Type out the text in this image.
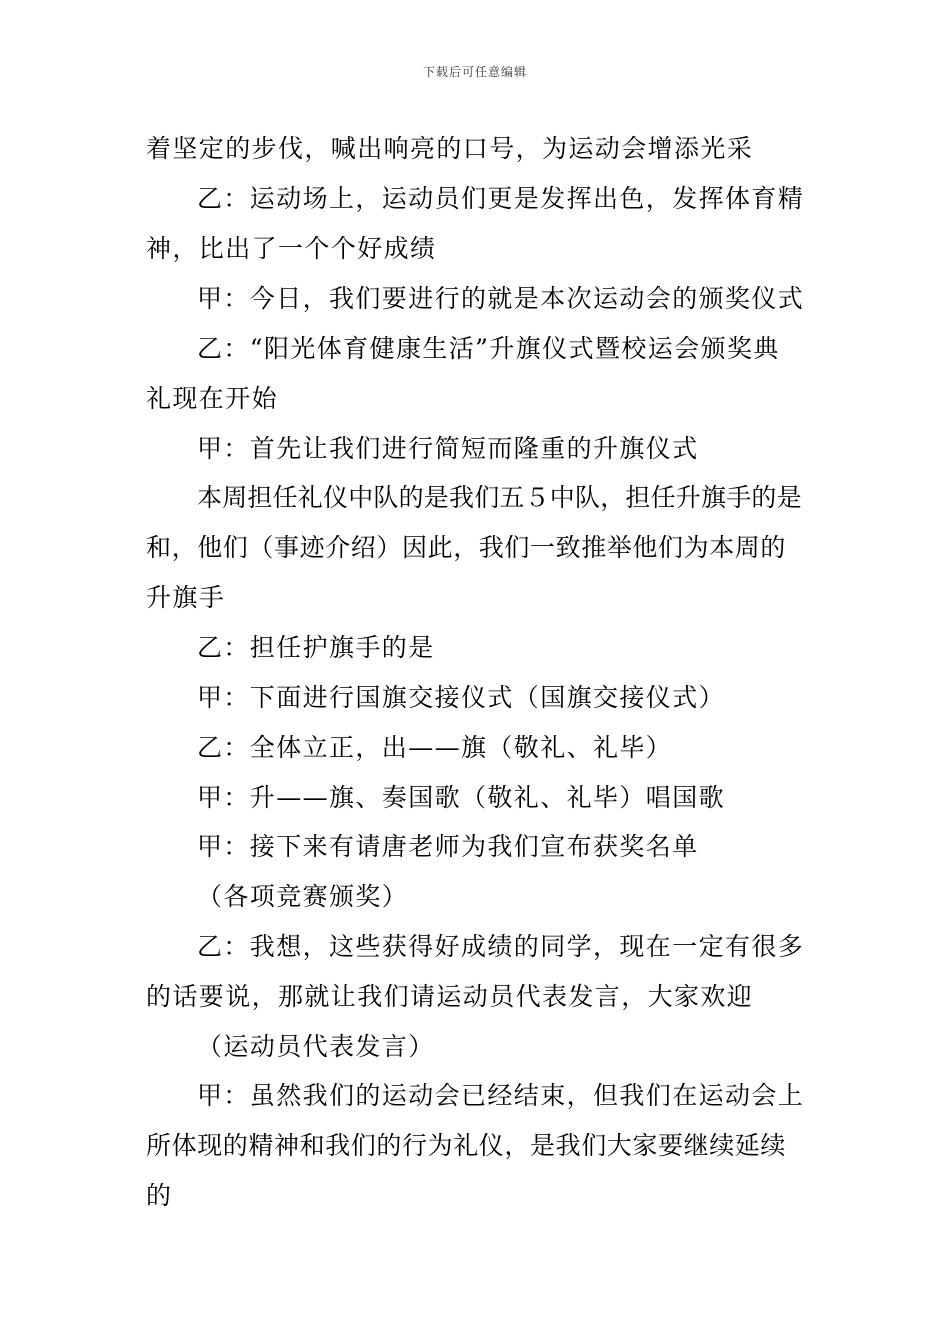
下载后可任意编辑
着坚定的步伐，喊出响亮的口号，为运动会增添光采
乙：运动场上，运动员们更是发挥出色，发挥体育精
神，比出了一个个好成绩
甲：今日，我们要进行的就是本次运动会的颁奖仪式
乙：“阳光体育健康生活”升旗仪式暨校运会颁奖典
礼现在开始
甲：首先让我们进行简短而隆重的升旗仪式
本周担任礼仪中队的是我们五５中队，担任升旗手的是
和，他们（事迹介绍）因此，我们一致推举他们为本周的
升旗手
乙：担任护旗手的是
甲：下面进行国旗交接仪式（国旗交接仪式）
乙：全体立正，出——旗（敬礼、礼毕）
甲：升——旗、奏国歌（敬礼、礼毕）唱国歌
甲：接下来有请唐老师为我们宣布获奖名单
（各项竞赛颁奖）
乙：我想，这些获得好成绩的同学，现在一定有很多
的话要说，那就让我们请运动员代表发言，大家欢迎
（运动员代表发言）
甲：虽然我们的运动会已经结束，但我们在运动会上
所体现的精神和我们的行为礼仪，是我们大家要继续延续
的
